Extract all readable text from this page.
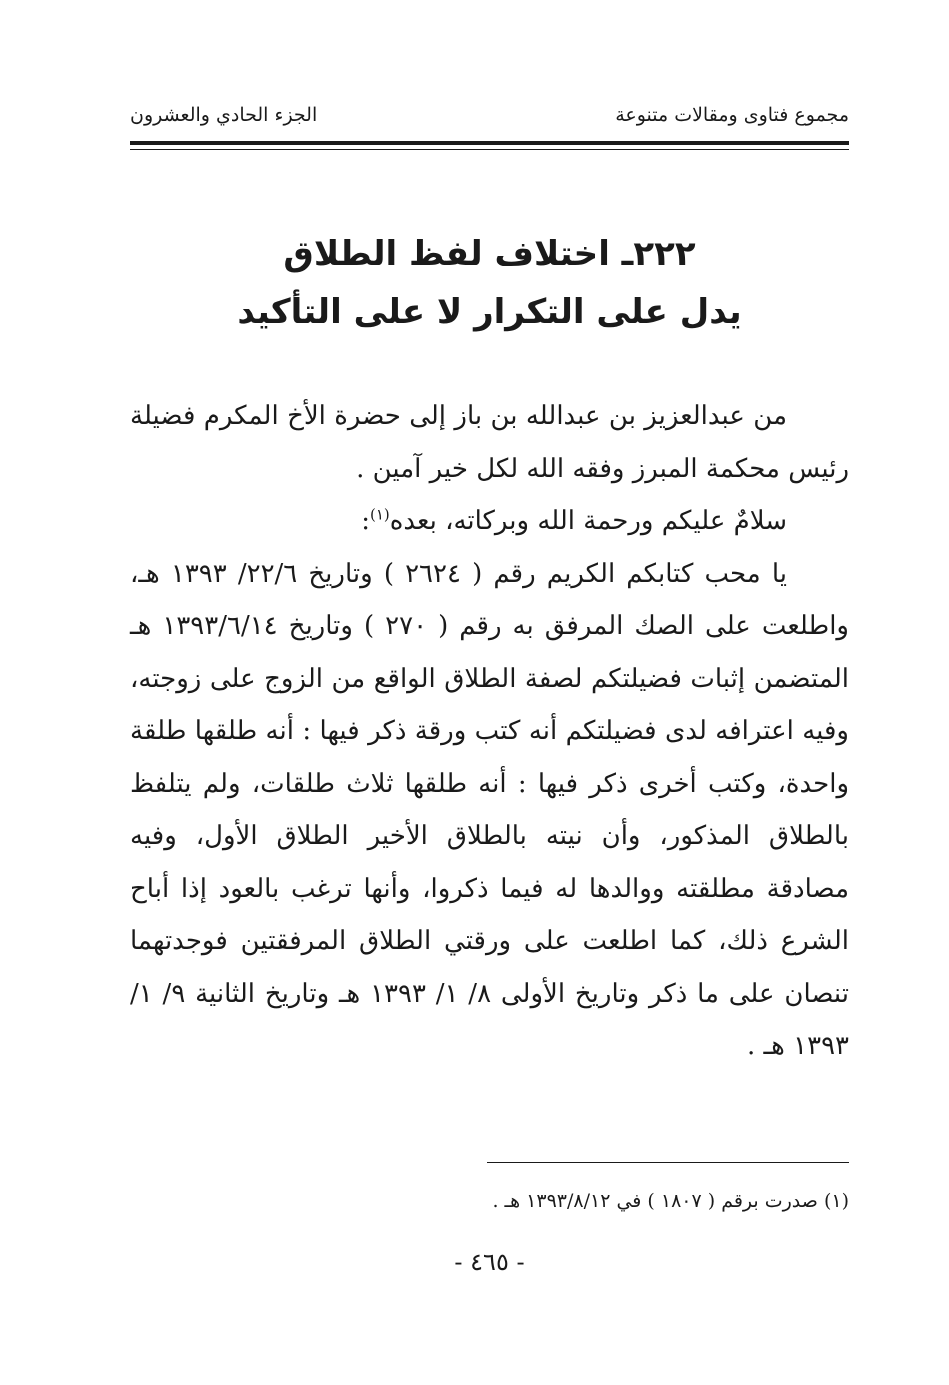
مجموع فتاوى ومقالات متنوعة
الجزء الحادي والعشرون
٢٢٢ـ اختلاف لفظ الطلاق
يدل على التكرار لا على التأكيد

من عبدالعزيز بن عبدالله بن باز إلى حضرة الأخ المكرم فضيلة رئيس محكمة المبرز وفقه الله لكل خير آمين .

سلامٌ عليكم ورحمة الله وبركاته، بعده$^{(١)}$:

يا محب كتابكم الكريم رقم ( ٢٦٢٤ ) وتاريخ ٢٢/٦/ ١٣٩٣ هـ، واطلعت على الصك المرفق به رقم ( ٢٧٠ ) وتاريخ ١٣٩٣/٦/١٤ هـ المتضمن إثبات فضيلتكم لصفة الطلاق الواقع من الزوج على زوجته، وفيه اعترافه لدى فضيلتكم أنه كتب ورقة ذكر فيها : أنه طلقها طلقة واحدة، وكتب أخرى ذكر فيها : أنه طلقها ثلاث طلقات، ولم يتلفظ بالطلاق المذكور، وأن نيته بالطلاق الأخير الطلاق الأول، وفيه مصادقة مطلقته ووالدها له فيما ذكروا، وأنها ترغب بالعود إذا أباح الشرع ذلك، كما اطلعت على ورقتي الطلاق المرفقتين فوجدتهما تنصان على ما ذكر وتاريخ الأولى ٨/ ١/ ١٣٩٣ هـ وتاريخ الثانية ٩/ ١/ ١٣٩٣ هـ .

(١) صدرت برقم ( ١٨٠٧ ) في ١٣٩٣/٨/١٢ هـ .
- ٤٦٥ -
